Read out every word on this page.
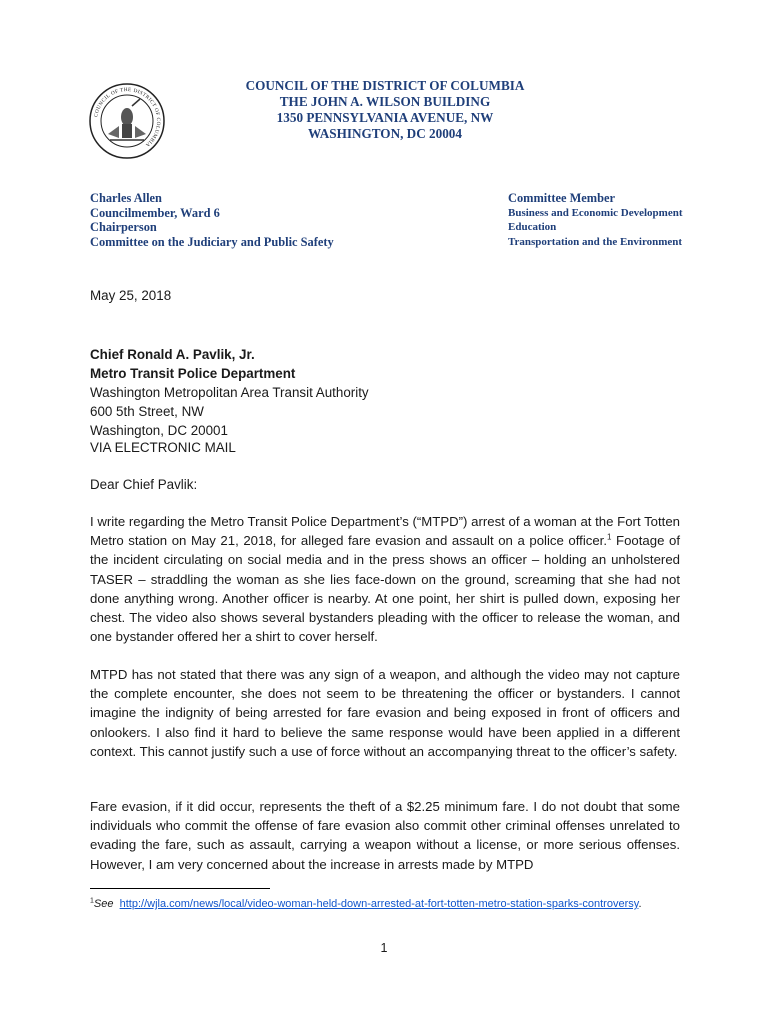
COUNCIL OF THE DISTRICT OF COLUMBIA
COUNCIL OF THE DISTRICT OF COLUMBIA
THE JOHN A. WILSON BUILDING
1350 PENNSYLVANIA AVENUE, NW
WASHINGTON, DC 20004
Charles Allen
Councilmember, Ward 6
Chairperson
Committee on the Judiciary and Public Safety
Committee Member
Business and Economic Development
Education
Transportation and the Environment
May 25, 2018
Chief Ronald A. Pavlik, Jr.
Metro Transit Police Department
Washington Metropolitan Area Transit Authority
600 5th Street, NW
Washington, DC 20001
VIA ELECTRONIC MAIL
Dear Chief Pavlik:
I write regarding the Metro Transit Police Department’s (“MTPD”) arrest of a woman at the Fort Totten Metro station on May 21, 2018, for alleged fare evasion and assault on a police officer.$^1$ Footage of the incident circulating on social media and in the press shows an officer – holding an unholstered TASER – straddling the woman as she lies face-down on the ground, screaming that she had not done anything wrong. Another officer is nearby. At one point, her shirt is pulled down, exposing her chest. The video also shows several bystanders pleading with the officer to release the woman, and one bystander offered her a shirt to cover herself.
MTPD has not stated that there was any sign of a weapon, and although the video may not capture the complete encounter, she does not seem to be threatening the officer or bystanders. I cannot imagine the indignity of being arrested for fare evasion and being exposed in front of officers and onlookers. I also find it hard to believe the same response would have been applied in a different context. This cannot justify such a use of force without an accompanying threat to the officer’s safety.
Fare evasion, if it did occur, represents the theft of a $2.25 minimum fare. I do not doubt that some individuals who commit the offense of fare evasion also commit other criminal offenses unrelated to evading the fare, such as assault, carrying a weapon without a license, or more serious offenses. However, I am very concerned about the increase in arrests made by MTPD
$^1$See http://wjla.com/news/local/video-woman-held-down-arrested-at-fort-totten-metro-station-sparks-controversy.
1
